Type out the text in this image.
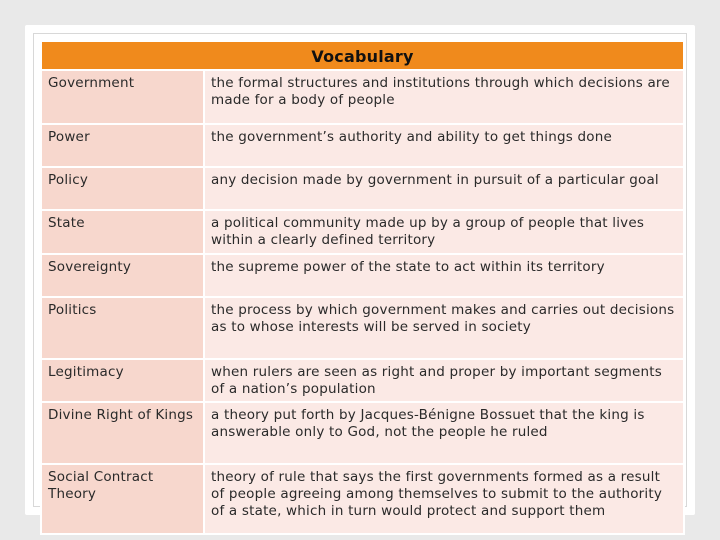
Vocabulary	
Government	the formal structures and institutions through which decisions are made for a body of people
Power	the government’s authority and ability to get things done
Policy	any decision made by government in pursuit of a particular goal
State	a political community made up by a group of people that lives within a clearly defined territory
Sovereignty	the supreme power of the state to act within its territory
Politics	the process by which government makes and carries out decisions as to whose interests will be served in society
Legitimacy	when rulers are seen as right and proper by important segments of a nation’s population
Divine Right of Kings	a theory put forth by Jacques-Bénigne Bossuet that the king is answerable only to God, not the people he ruled
Social Contract Theory	theory of rule that says the first governments formed as a result of people agreeing among themselves to submit to the authority of a state, which in turn would protect and support them
